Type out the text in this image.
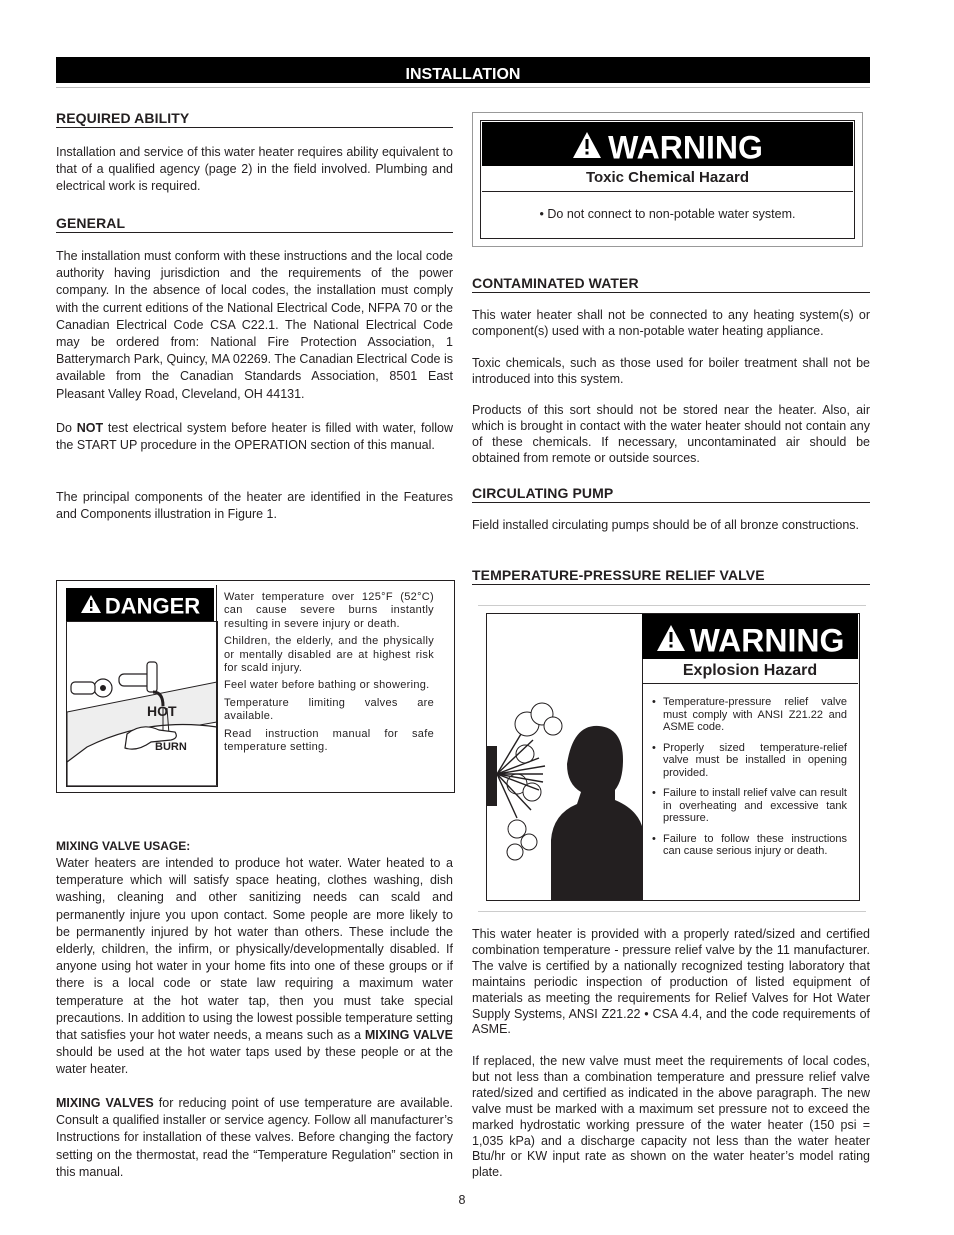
INSTALLATION
REQUIRED ABILITY

Installation and service of this water heater requires ability equivalent to that of a qualified agency (page 2) in the field involved. Plumbing and electrical work is required.

GENERAL

The installation must conform with these instructions and the local code authority having jurisdiction and the requirements of the power company. In the absence of local codes, the installation must comply with the current editions of the National Electrical Code, NFPA 70 or the Canadian Electrical Code CSA C22.1. The National Electrical Code may be ordered from: National Fire Protection Association, 1 Batterymarch Park, Quincy, MA 02269. The Canadian Electrical Code is available from the Canadian Standards Association, 8501 East Pleasant Valley Road, Cleveland, OH 44131.

Do NOT test electrical system before heater is filled with water, follow the START UP procedure in the OPERATION section of this manual.

The principal components of the heater are identified in the Features and Components illustration in Figure 1.

DANGER
HOT
BURN

Water temperature over 125°F (52°C) can cause severe burns instantly resulting in severe injury or death.

Children, the elderly, and the physically or mentally disabled are at highest risk for scald injury.

Feel water before bathing or showering.

Temperature limiting valves are available.

Read instruction manual for safe temperature setting.

MIXING VALVE USAGE:

Water heaters are intended to produce hot water. Water heated to a temperature which will satisfy space heating, clothes washing, dish washing, cleaning and other sanitizing needs can scald and permanently injure you upon contact. Some people are more likely to be permanently injured by hot water than others. These include the elderly, children, the infirm, or physically/developmentally disabled. If anyone using hot water in your home fits into one of these groups or if there is a local code or state law requiring a maximum water temperature at the hot water tap, then you must take special precautions. In addition to using the lowest possible temperature setting that satisfies your hot water needs, a means such as a MIXING VALVE should be used at the hot water taps used by these people or at the water heater.

MIXING VALVES for reducing point of use temperature are available. Consult a qualified installer or service agency. Follow all manufacturer’s Instructions for installation of these valves. Before changing the factory setting on the thermostat, read the “Temperature Regulation” section in this manual.

WARNING
Toxic Chemical Hazard
• Do not connect to non-potable water system.
CONTAMINATED WATER

This water heater shall not be connected to any heating system(s) or component(s) used with a non-potable water heating appliance.

Toxic chemicals, such as those used for boiler treatment shall not be introduced into this system.

Products of this sort should not be stored near the heater. Also, air which is brought in contact with the water heater should not contain any of these chemicals. If necessary, uncontaminated air should be obtained from remote or outside sources.

CIRCULATING PUMP

Field installed circulating pumps should be of all bronze constructions.

TEMPERATURE-PRESSURE RELIEF VALVE
WARNING
Explosion Hazard
• Temperature-pressure relief valve must comply with ANSI Z21.22 and ASME code.
• Properly sized temperature-relief valve must be installed in opening provided.
• Failure to install relief valve can result in overheating and excessive tank pressure.
• Failure to follow these instructions can cause serious injury or death.

This water heater is provided with a properly rated/sized and certified combination temperature - pressure relief valve by the 11 manufacturer. The valve is certified by a nationally recognized testing laboratory that maintains periodic inspection of production of listed equipment of materials as meeting the requirements for Relief Valves for Hot Water Supply Systems, ANSI Z21.22 • CSA 4.4, and the code requirements of ASME.

If replaced, the new valve must meet the requirements of local codes, but not less than a combination temperature and pressure relief valve rated/sized and certified as indicated in the above paragraph. The new valve must be marked with a maximum set pressure not to exceed the marked hydrostatic working pressure of the water heater (150 psi = 1,035 kPa) and a discharge capacity not less than the water heater Btu/hr or KW input rate as shown on the water heater’s model rating plate.

8
